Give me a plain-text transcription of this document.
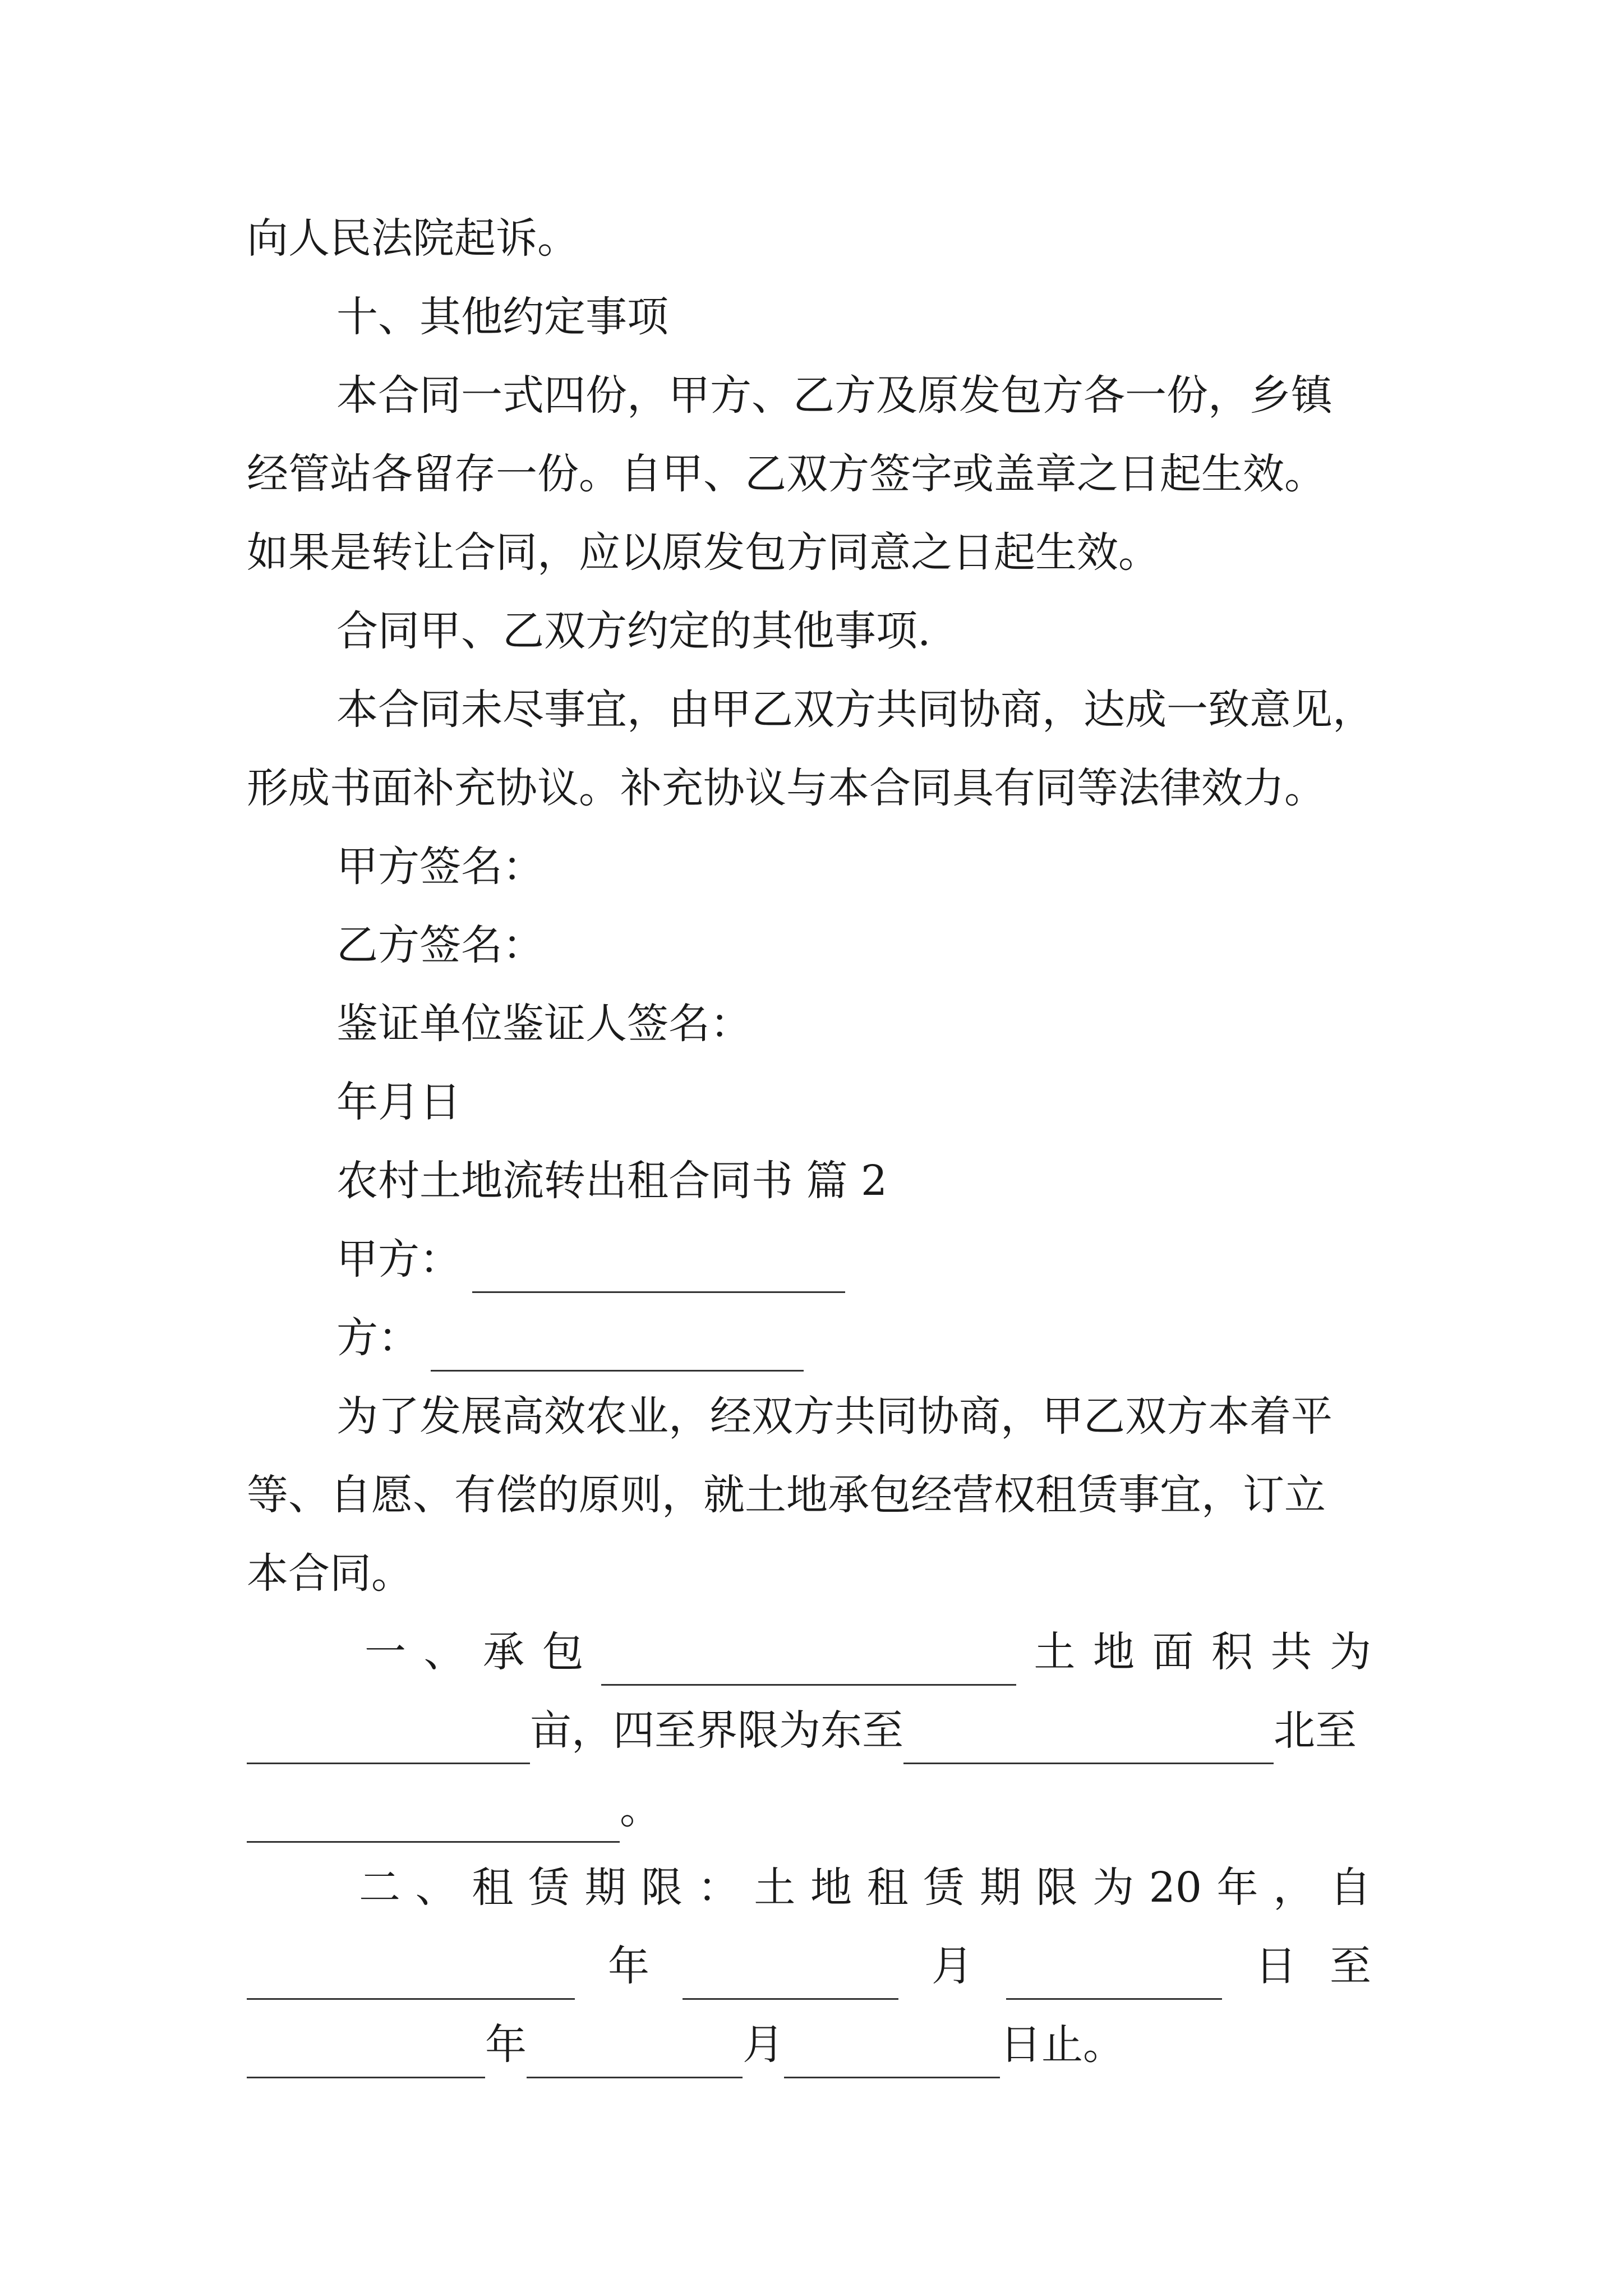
向人民法院起诉。
十、其他约定事项
本合同一式四份，甲方、乙方及原发包方各一份，乡镇
经管站各留存一份。自甲、乙双方签字或盖章之日起生效。
如果是转让合同，应以原发包方同意之日起生效。
合同甲、乙双方约定的其他事项.
本合同未尽事宜，由甲乙双方共同协商，达成一致意见，
形成书面补充协议。补充协议与本合同具有同等法律效力。
甲方签名：
乙方签名：
鉴证单位鉴证人签名：
年月日
农村土地流转出租合同书 篇 2
甲方：
方：
为了发展高效农业，经双方共同协商，甲乙双方本着平
等、自愿、有偿的原则，就土地承包经营权租赁事宜，订立
本合同。
一 、 承 包	土 地 面 积 共 为
亩，四至界限为东至	北至
。
二 、 租 赁 期 限 ： 土 地 租 赁 期 限 为 20 年 ， 自
年	月	日 至
年	月	日止。
